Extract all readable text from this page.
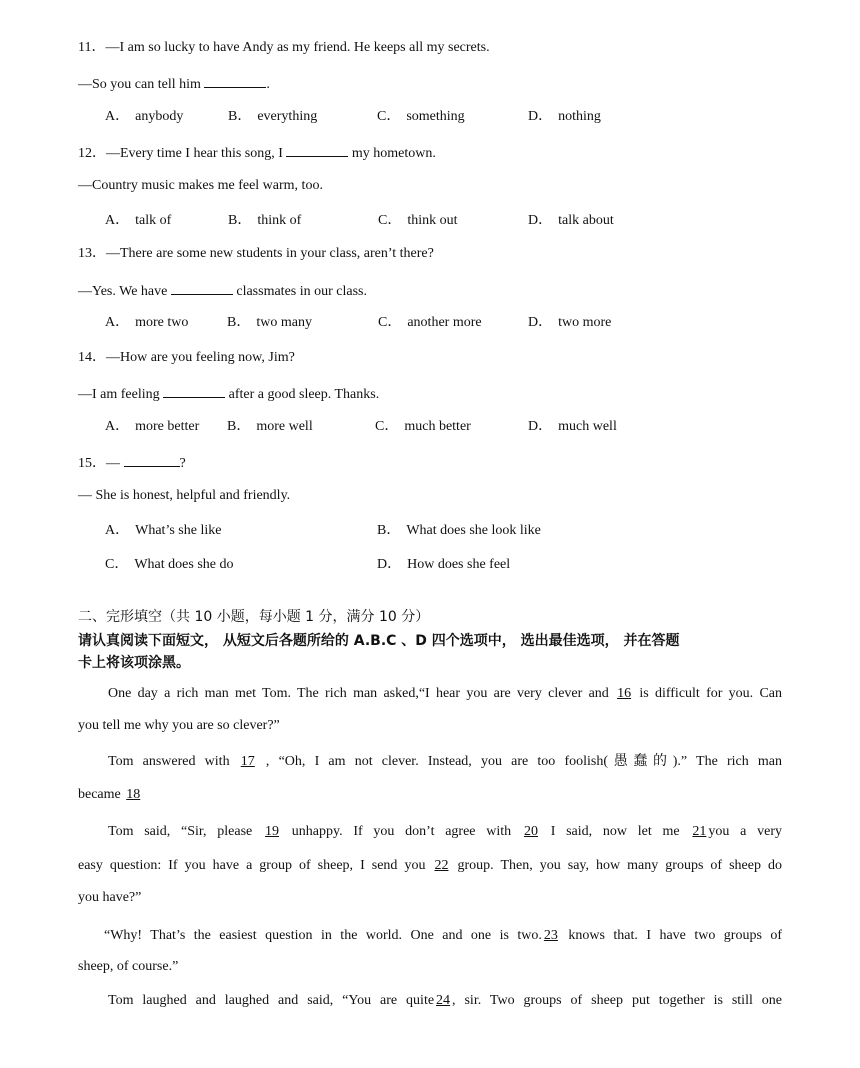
11．—I am so lucky to have Andy as my friend. He keeps all my secrets.
—So you can tell him	.
A． anybody	B． everything	C． something	D． nothing
12．—Every time I hear this song, I	my hometown.
—Country music makes me feel warm, too.
A． talk of	B． think of	C． think out	D． talk about
13．—There are some new students in your class, aren’t there?
—Yes. We have	classmates in our class.
A． more two	B． two many	C． another more	D． two more
14．—How are you feeling now, Jim?
—I am feeling	after a good sleep. Thanks.
A． more better B． more well	C． much better	D． much well
15．—	?
— She is honest, helpful and friendly.
A． What’s she like	B． What does she look like
C． What does she do	D． How does she feel
二、完形填空（共 10 小题，每小题 1 分，满分 10 分）
请认真阅读下面短文， 从短文后各题所给的 A.B.C 、D 四个选项中， 选出最佳选项， 并在答题
卡上将该项涂黑。
One day a rich man met Tom. The rich man asked,“I hear you are very clever and 16 is difficult for you. Can
you tell me why you are so clever?”
Tom answered with 17 , “Oh, I am not clever. Instead, you are too foolish(愚蠢的).” The rich man
became 18
Tom said, “Sir, please 19 unhappy. If you don’t agree with 20 I said, now let me 21 you a very
easy question: If you have a group of sheep, I send you 22 group. Then, you say, how many groups of sheep do
you have?”
“Why! That’s the easiest question in the world. One and one is two. 23 knows that. I have two groups of
sheep, of course.”
Tom laughed and laughed and said, “You are quite 24 , sir. Two groups of sheep put together is still one
